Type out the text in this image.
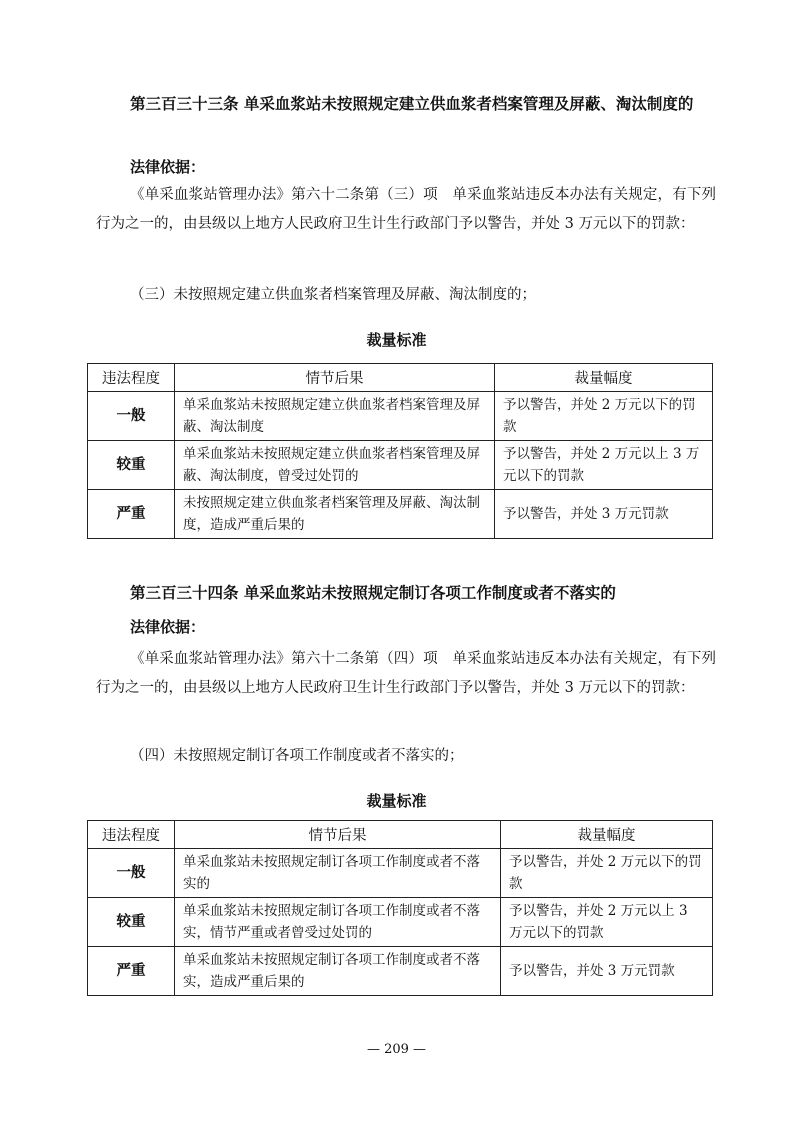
第三百三十三条 单采血浆站未按照规定建立供血浆者档案管理及屏蔽、淘汰制度的
法律依据：
《单采血浆站管理办法》第六十二条第（三）项　单采血浆站违反本办法有关规定，有下列行为之一的，由县级以上地方人民政府卫生计生行政部门予以警告，并处 3 万元以下的罚款：
（三）未按照规定建立供血浆者档案管理及屏蔽、淘汰制度的；
裁量标准
违法程度	情节后果	裁量幅度
一般	单采血浆站未按照规定建立供血浆者档案管理及屏蔽、淘汰制度	予以警告，并处 2 万元以下的罚款
较重	单采血浆站未按照规定建立供血浆者档案管理及屏蔽、淘汰制度，曾受过处罚的	予以警告，并处 2 万元以上 3 万元以下的罚款
严重	未按照规定建立供血浆者档案管理及屏蔽、淘汰制度，造成严重后果的	予以警告，并处 3 万元罚款
第三百三十四条 单采血浆站未按照规定制订各项工作制度或者不落实的
法律依据：
《单采血浆站管理办法》第六十二条第（四）项　单采血浆站违反本办法有关规定，有下列行为之一的，由县级以上地方人民政府卫生计生行政部门予以警告，并处 3 万元以下的罚款：
（四）未按照规定制订各项工作制度或者不落实的；
裁量标准
违法程度	情节后果	裁量幅度
一般	单采血浆站未按照规定制订各项工作制度或者不落实的	予以警告，并处 2 万元以下的罚款
较重	单采血浆站未按照规定制订各项工作制度或者不落实，情节严重或者曾受过处罚的	予以警告，并处 2 万元以上 3 万元以下的罚款
严重	单采血浆站未按照规定制订各项工作制度或者不落实，造成严重后果的	予以警告，并处 3 万元罚款
— 209 —
